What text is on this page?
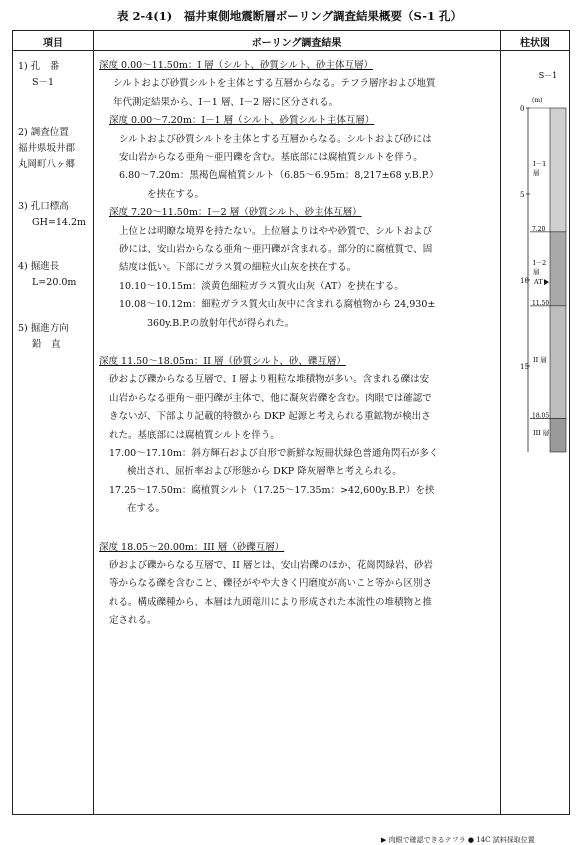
表 2-4(1)　福井東側地震断層ボーリング調査結果概要（S-1 孔）
項目	ボーリング調査結果	柱状図
1) 孔　番
S－1
2) 調査位置
福井県坂井郡
丸岡町八ヶ郷
3) 孔口標高
GH=14.2m
4) 掘進長
L=20.0m
5) 掘進方向
鉛　直
深度 0.00～11.50m：I 層（シルト、砂質シルト、砂主体互層）
シルトおよび砂質シルトを主体とする互層からなる。テフラ層序および地質
年代測定結果から、I－1 層、I－2 層に区分される。
深度 0.00～7.20m：I－1 層（シルト、砂質シルト主体互層）
シルトおよび砂質シルトを主体とする互層からなる。シルトおよび砂には
安山岩からなる亜角～亜円礫を含む。基底部には腐植質シルトを伴う。
6.80～7.20m：黒褐色腐植質シルト（6.85～6.95m：8,217±68 y.B.P.）
を挟在する。
深度 7.20～11.50m：I－2 層（砂質シルト、砂主体互層）
上位とは明瞭な境界を持たない。上位層よりはやや砂質で、シルトおよび
砂には、安山岩からなる亜角～亜円礫が含まれる。部分的に腐植質で、固
結度は低い。下部にガラス質の細粒火山灰を挟在する。
10.10～10.15m：淡黄色細粒ガラス質火山灰（AT）を挟在する。
10.08～10.12m：細粒ガラス質火山灰中に含まれる腐植物から 24,930±
360y.B.P.の放射年代が得られた。
深度 11.50～18.05m：II 層（砂質シルト、砂、礫互層）
砂および礫からなる互層で、I 層より粗粒な堆積物が多い。含まれる礫は安
山岩からなる亜角～亜円礫が主体で、他に凝灰岩礫を含む。肉眼では確認で
きないが、下部より記載的特徴から DKP 起源と考えられる重鉱物が検出さ
れた。基底部には腐植質シルトを伴う。
17.00～17.10m：斜方輝石および自形で新鮮な短冊状緑色普通角閃石が多く
検出され、屈折率および形態から DKP 降灰層準と考えられる。
17.25～17.50m：腐植質シルト（17.25～17.35m：>42,600y.B.P.）を挟
在する。
深度 18.05～20.00m：III 層（砂礫互層）
砂および礫からなる互層で、II 層とは、安山岩礫のほか、花崗閃緑岩、砂岩
等からなる礫を含むこと、礫径がやや大きく円磨度が高いこと等から区別さ
れる。構成礫種から、本層は九頭竜川により形成された本流性の堆積物と推
定される。
S－1
(m)
0
5
10
15
I－1
層
I－2
層
II 層
III 層
7.20
11.50
18.05
AT
▶ 肉眼で確認できるテフラ ● 14C 試料採取位置
